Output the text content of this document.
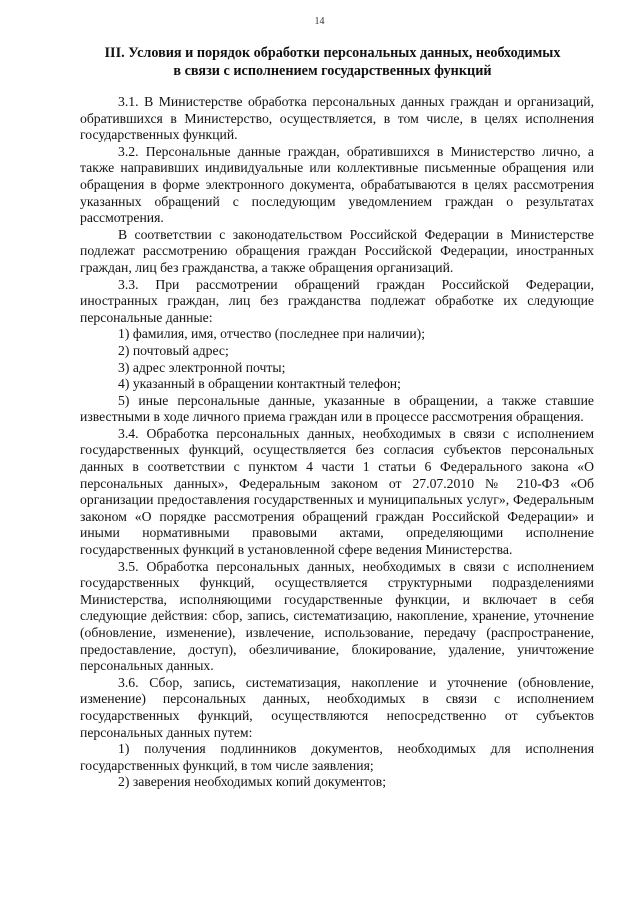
14
III. Условия и порядок обработки персональных данных, необходимых
в связи с исполнением государственных функций

3.1. В Министерстве обработка персональных данных граждан и организаций, обратившихся в Министерство, осуществляется, в том числе, в целях исполнения государственных функций.

3.2. Персональные данные граждан, обратившихся в Министерство лично, а также направивших индивидуальные или коллективные письменные обращения или обращения в форме электронного документа, обрабатываются в целях рассмотрения указанных обращений с последующим уведомлением граждан о результатах рассмотрения.

В соответствии с законодательством Российской Федерации в Министерстве подлежат рассмотрению обращения граждан Российской Федерации, иностранных граждан, лиц без гражданства, а также обращения организаций.

3.3. При рассмотрении обращений граждан Российской Федерации, иностранных граждан, лиц без гражданства подлежат обработке их следующие персональные данные:

1) фамилия, имя, отчество (последнее при наличии);

2) почтовый адрес;

3) адрес электронной почты;

4) указанный в обращении контактный телефон;

5) иные персональные данные, указанные в обращении, а также ставшие известными в ходе личного приема граждан или в процессе рассмотрения обращения.

3.4. Обработка персональных данных, необходимых в связи с исполнением государственных функций, осуществляется без согласия субъектов персональных данных в соответствии с пунктом 4 части 1 статьи 6 Федерального закона «О персональных данных», Федеральным законом от 27.07.2010 № 210-ФЗ «Об организации предоставления государственных и муниципальных услуг», Федеральным законом «О порядке рассмотрения обращений граждан Российской Федерации» и иными нормативными правовыми актами, определяющими исполнение государственных функций в установленной сфере ведения Министерства.

3.5. Обработка персональных данных, необходимых в связи с исполнением государственных функций, осуществляется структурными подразделениями Министерства, исполняющими государственные функции, и включает в себя следующие действия: сбор, запись, систематизацию, накопление, хранение, уточнение (обновление, изменение), извлечение, использование, передачу (распространение, предоставление, доступ), обезличивание, блокирование, удаление, уничтожение персональных данных.

3.6. Сбор, запись, систематизация, накопление и уточнение (обновление, изменение) персональных данных, необходимых в связи с исполнением государственных функций, осуществляются непосредственно от субъектов персональных данных путем:

1) получения подлинников документов, необходимых для исполнения государственных функций, в том числе заявления;

2) заверения необходимых копий документов;
